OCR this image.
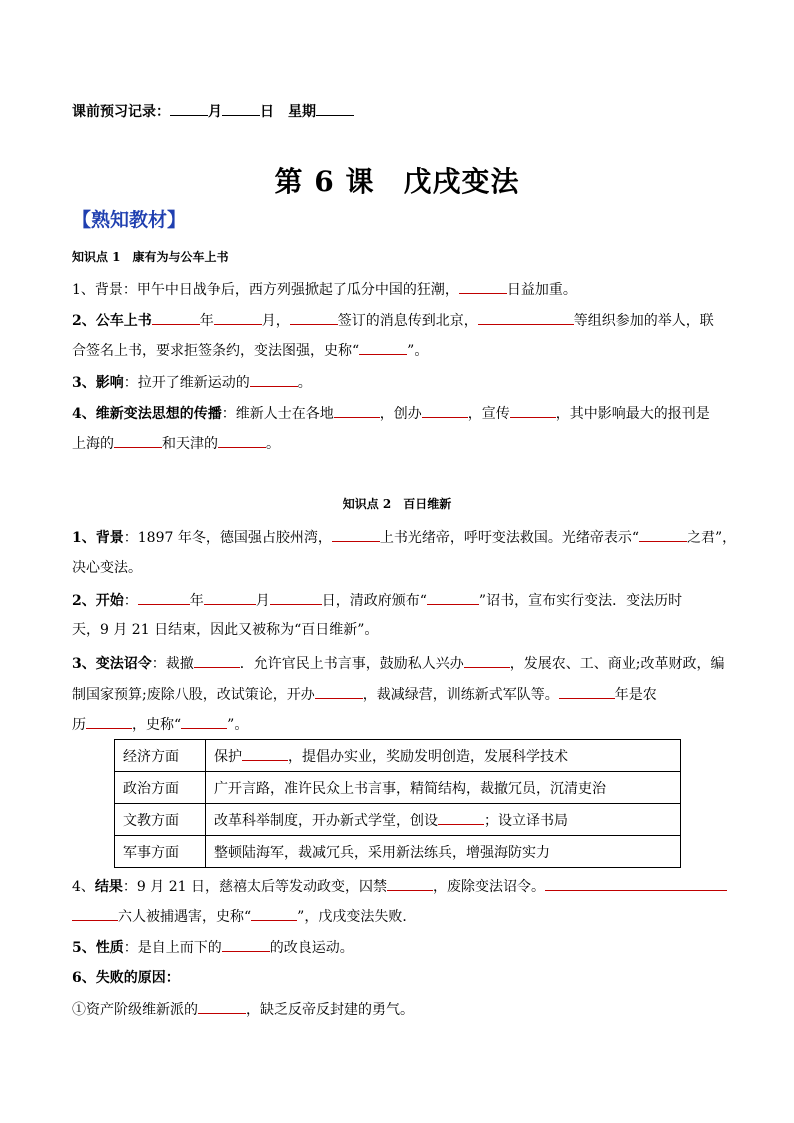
课前预习记录：	月	日　 星期
第 6 课　戊戌变法
【熟知教材】
知识点 1　康有为与公车上书
1、背景：甲午中日战争后，西方列强掀起了瓜分中国的狂潮，	日益加重。
2、公车上书	年	月，	签订的消息传到北京，	等组织参加的举人，联
合签名上书，要求拒签条约，变法图强，史称“	”。
3、影响：拉开了维新运动的	。
4、维新变法思想的传播：维新人士在各地	，创办	，宣传	，其中影响最大的报刊是
上海的	和天津的	。
知识点 2　百日维新
1、背景：1897 年冬，德国强占胶州湾，	上书光绪帝，呼吁变法救国。光绪帝表示“	之君”，
决心变法。
2、开始：	年	月	日，清政府颁布“	”诏书，宣布实行变法．变法历时
天，9 月 21 日结束，因此又被称为“百日维新”。
3、变法诏令：裁撤	．允许官民上书言事，鼓励私人兴办	，发展农、工、商业;改革财政，编
制国家预算;废除八股，改试策论，开办	，裁减绿营，训练新式军队等。	年是农
历	，史称“	”。
经济方面	保护 ，提倡办实业，奖励发明创造，发展科学技术
政治方面	广开言路，准许民众上书言事，精简结构，裁撤冗员，沉清吏治
文教方面	改革科举制度，开办新式学堂，创设 ；设立译书局
军事方面	整顿陆海军，裁减冗兵，采用新法练兵，增强海防实力
4、结果：9 月 21 日，慈禧太后等发动政变，囚禁	，废除变法诏令。
六人被捕遇害，史称“	”，戊戌变法失败．
5、性质：是自上而下的	的改良运动。
6、失败的原因：
①资产阶级维新派的	，缺乏反帝反封建的勇气。
